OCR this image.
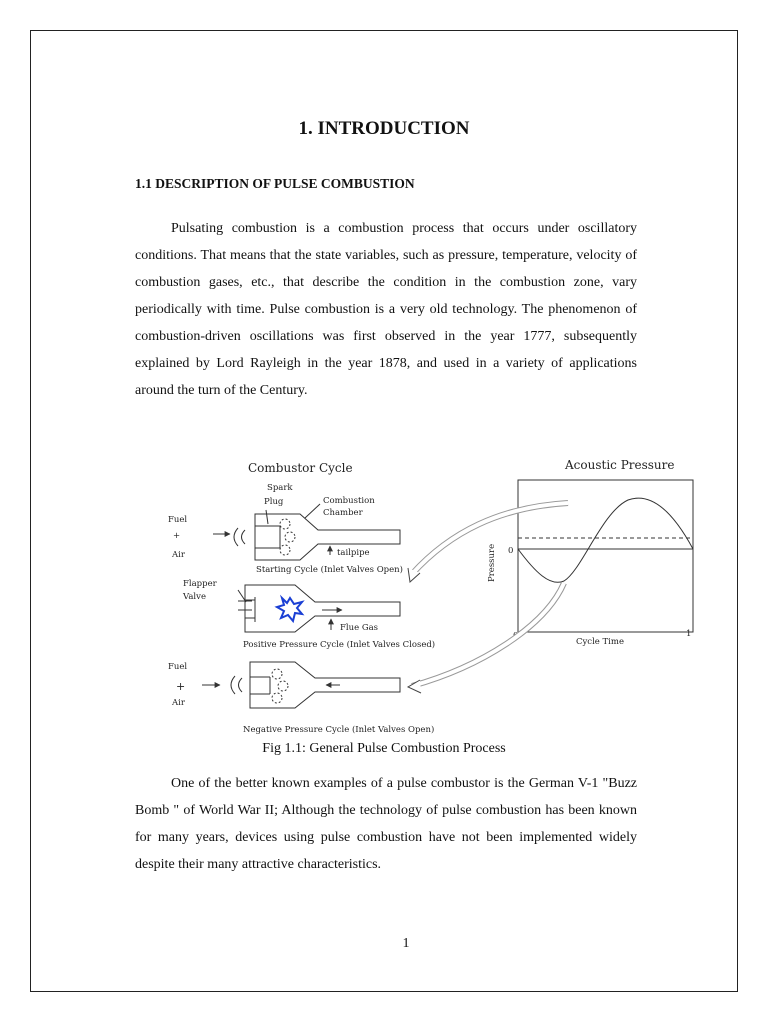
1. INTRODUCTION
1.1 DESCRIPTION OF PULSE COMBUSTION

Pulsating combustion is a combustion process that occurs under oscillatory conditions. That means that the state variables, such as pressure, temperature, velocity of combustion gases, etc., that describe the condition in the combustion zone, vary periodically with time. Pulse combustion is a very old technology. The phenomenon of combustion-driven oscillations was first observed in the year 1777, subsequently explained by Lord Rayleigh in the year 1878, and used in a variety of applications around the turn of the Century.

Combustor Cycle	Acoustic Pressure
Spark
Plug	Combustion
Chamber
tailpipe
Fuel
+
Air
Starting Cycle (Inlet Valves Open)
Flapper
Valve
Flue Gas
Positive Pressure Cycle (Inlet Valves Closed)
Fuel
+
Air
Negative Pressure Cycle (Inlet Valves Open)
0
0	1
Cycle Time
Pressure

Fig 1.1: General Pulse Combustion Process

One of the better known examples of a pulse combustor is the German V-1 "Buzz Bomb " of World War II; Although the technology of pulse combustion has been known for many years, devices using pulse combustion have not been implemented widely despite their many attractive characteristics.

1
